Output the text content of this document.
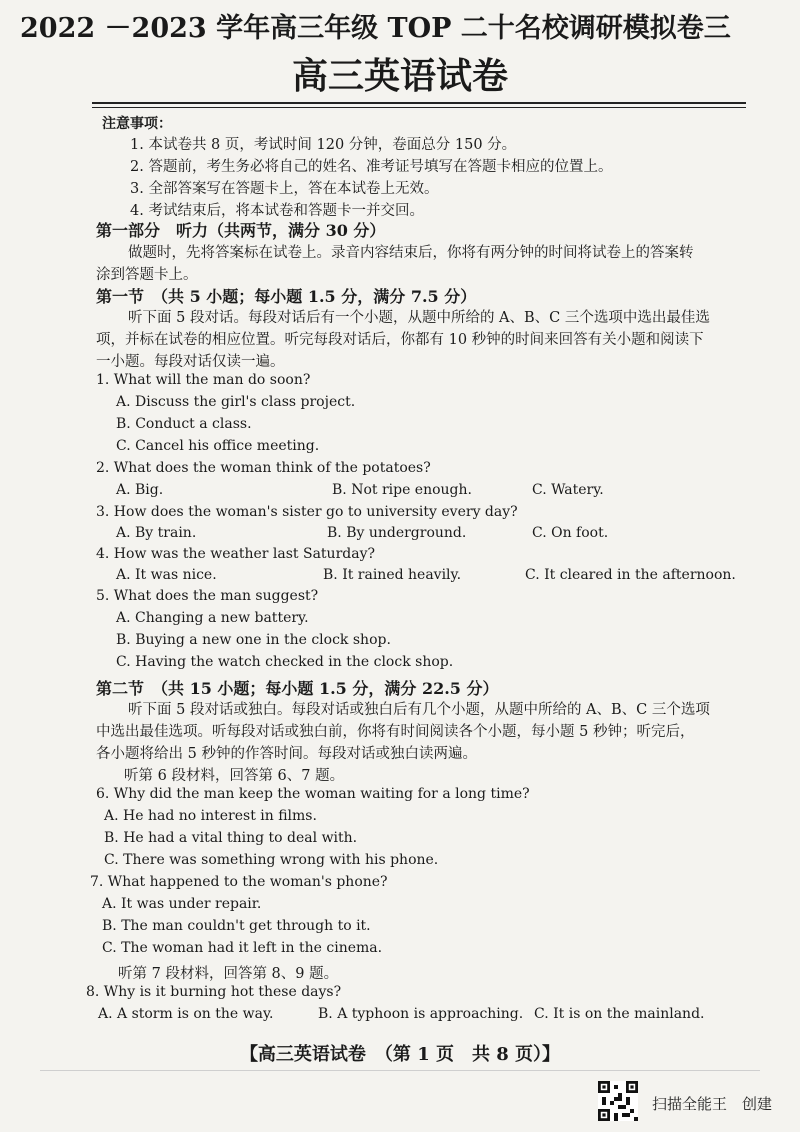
2022 －2023 学年高三年级 TOP 二十名校调研模拟卷三
高三英语试卷
注意事项：
1. 本试卷共 8 页，考试时间 120 分钟，卷面总分 150 分。
2. 答题前，考生务必将自己的姓名、准考证号填写在答题卡相应的位置上。
3. 全部答案写在答题卡上，答在本试卷上无效。
4. 考试结束后，将本试卷和答题卡一并交回。
第一部分　听力（共两节，满分 30 分）
做题时，先将答案标在试卷上。录音内容结束后，你将有两分钟的时间将试卷上的答案转
涂到答题卡上。
第一节　（共 5 小题；每小题 1.5 分，满分 7.5 分）
听下面 5 段对话。每段对话后有一个小题，从题中所给的 A、B、C 三个选项中选出最佳选
项，并标在试卷的相应位置。听完每段对话后，你都有 10 秒钟的时间来回答有关小题和阅读下
一小题。每段对话仅读一遍。
1. What will the man do soon?
A. Discuss the girl's class project.
B. Conduct a class.
C. Cancel his office meeting.
2. What does the woman think of the potatoes?
A. Big.	B. Not ripe enough.	C. Watery.
3. How does the woman's sister go to university every day?
A. By train.	B. By underground.	C. On foot.
4. How was the weather last Saturday?
A. It was nice.	B. It rained heavily.	C. It cleared in the afternoon.
5. What does the man suggest?
A. Changing a new battery.
B. Buying a new one in the clock shop.
C. Having the watch checked in the clock shop.
第二节　（共 15 小题；每小题 1.5 分，满分 22.5 分）
听下面 5 段对话或独白。每段对话或独白后有几个小题，从题中所给的 A、B、C 三个选项
中选出最佳选项。听每段对话或独白前，你将有时间阅读各个小题，每小题 5 秒钟；听完后，
各小题将给出 5 秒钟的作答时间。每段对话或独白读两遍。
听第 6 段材料，回答第 6、7 题。
6. Why did the man keep the woman waiting for a long time?
A. He had no interest in films.
B. He had a vital thing to deal with.
C. There was something wrong with his phone.
7. What happened to the woman's phone?
A. It was under repair.
B. The man couldn't get through to it.
C. The woman had it left in the cinema.
听第 7 段材料，回答第 8、9 题。
8. Why is it burning hot these days?
A. A storm is on the way.	B. A typhoon is approaching. C. It is on the mainland.
【高三英语试卷　（第 1 页　共 8 页）】
扫描全能王　创建
